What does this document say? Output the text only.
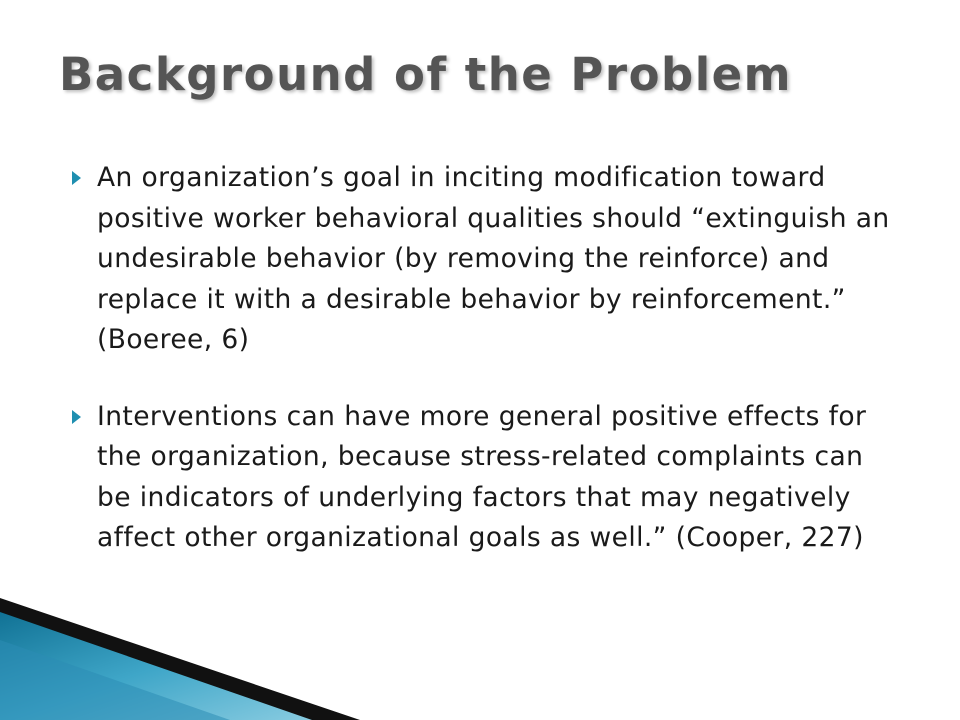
Background of the Problem
An organization’s goal in inciting modification toward positive worker behavioral qualities should “extinguish an undesirable behavior (by removing the reinforce) and replace it with a desirable behavior by reinforcement.” (Boeree, 6)
Interventions can have more general positive effects for the organization, because stress-related complaints can be indicators of underlying factors that may negatively affect other organizational goals as well.” (Cooper, 227)
